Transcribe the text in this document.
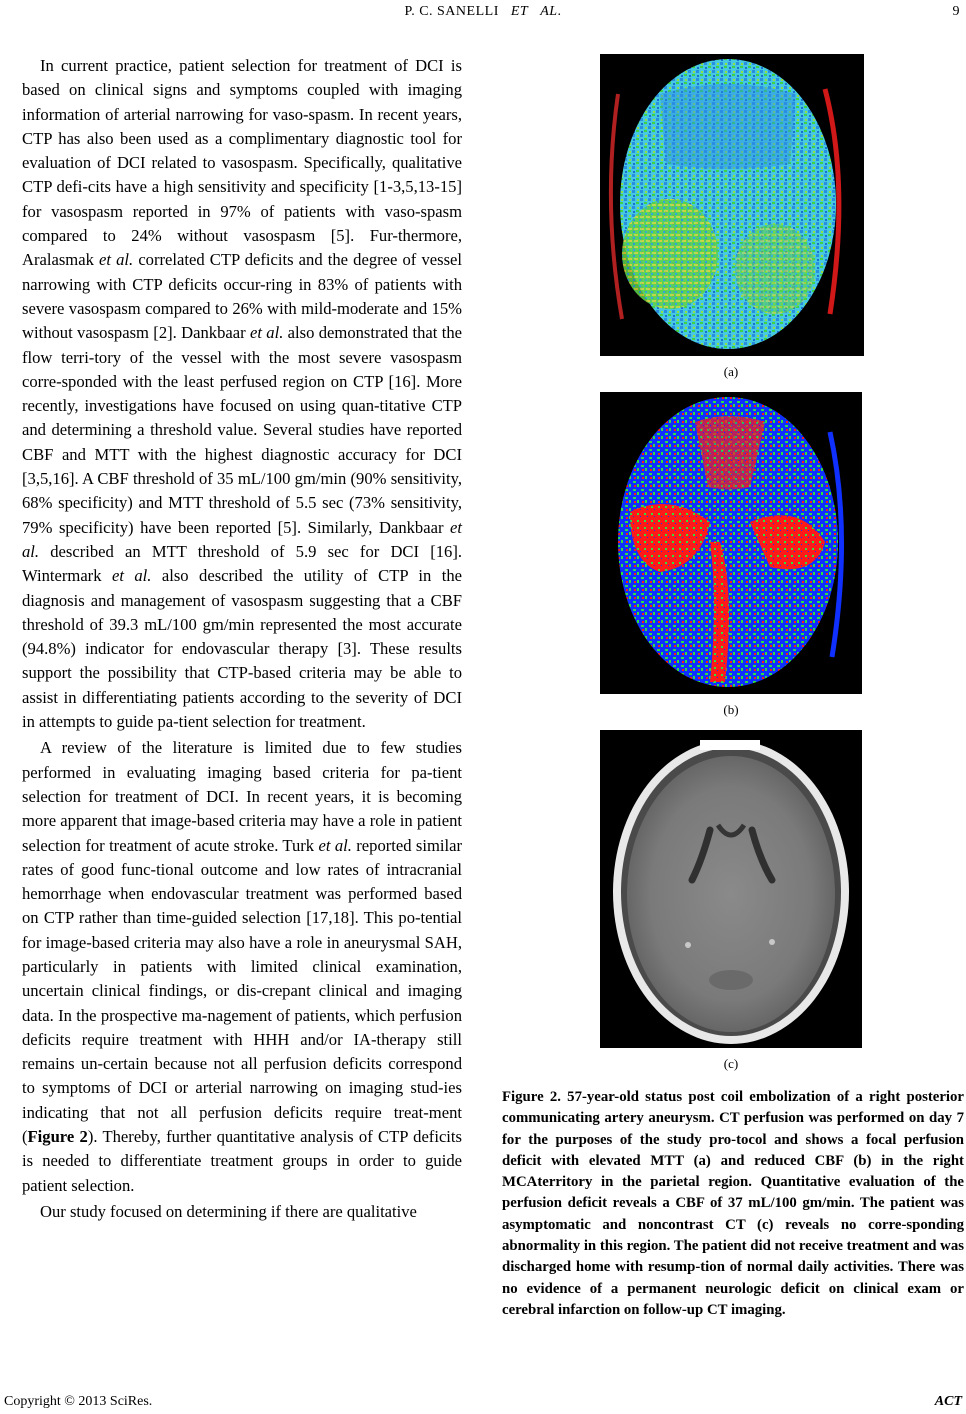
P. C. SANELLI   ET   AL.	9

In current practice, patient selection for treatment of DCI is based on clinical signs and symptoms coupled with imaging information of arterial narrowing for vaso-spasm. In recent years, CTP has also been used as a complimentary diagnostic tool for evaluation of DCI related to vasospasm. Specifically, qualitative CTP defi-cits have a high sensitivity and specificity [1-3,5,13-15] for vasospasm reported in 97% of patients with vaso-spasm compared to 24% without vasospasm [5]. Fur-thermore, Aralasmak et al. correlated CTP deficits and the degree of vessel narrowing with CTP deficits occur-ring in 83% of patients with severe vasospasm compared to 26% with mild-moderate and 15% without vasospasm [2]. Dankbaar et al. also demonstrated that the flow terri-tory of the vessel with the most severe vasospasm corre-sponded with the least perfused region on CTP [16]. More recently, investigations have focused on using quan-titative CTP and determining a threshold value. Several studies have reported CBF and MTT with the highest diagnostic accuracy for DCI [3,5,16]. A CBF threshold of 35 mL/100 gm/min (90% sensitivity, 68% specificity) and MTT threshold of 5.5 sec (73% sensitivity, 79% specificity) have been reported [5]. Similarly, Dankbaar et al. described an MTT threshold of 5.9 sec for DCI [16]. Wintermark et al. also described the utility of CTP in the diagnosis and management of vasospasm suggesting that a CBF threshold of 39.3 mL/100 gm/min represented the most accurate (94.8%) indicator for endovascular therapy [3]. These results support the possibility that CTP-based criteria may be able to assist in differentiating patients according to the severity of DCI in attempts to guide pa-tient selection for treatment.

A review of the literature is limited due to few studies performed in evaluating imaging based criteria for pa-tient selection for treatment of DCI. In recent years, it is becoming more apparent that image-based criteria may have a role in patient selection for treatment of acute stroke. Turk et al. reported similar rates of good func-tional outcome and low rates of intracranial hemorrhage when endovascular treatment was performed based on CTP rather than time-guided selection [17,18]. This po-tential for image-based criteria may also have a role in aneurysmal SAH, particularly in patients with limited clinical examination, uncertain clinical findings, or dis-crepant clinical and imaging data. In the prospective ma-nagement of patients, which perfusion deficits require treatment with HHH and/or IA-therapy still remains un-certain because not all perfusion deficits correspond to symptoms of DCI or arterial narrowing on imaging stud-ies indicating that not all perfusion deficits require treat-ment (Figure 2). Thereby, further quantitative analysis of CTP deficits is needed to differentiate treatment groups in order to guide patient selection.

Our study focused on determining if there are qualitative

(a)
(b)
(c)
Figure 2. 57-year-old status post coil embolization of a right posterior communicating artery aneurysm. CT perfusion was performed on day 7 for the purposes of the study pro-tocol and shows a focal perfusion deficit with elevated MTT (a) and reduced CBF (b) in the right MCAterritory in the parietal region. Quantitative evaluation of the perfusion deficit reveals a CBF of 37 mL/100 gm/min. The patient was asymptomatic and noncontrast CT (c) reveals no corre-sponding abnormality in this region. The patient did not receive treatment and was discharged home with resump-tion of normal daily activities. There was no evidence of a permanent neurologic deficit on clinical exam or cerebral infarction on follow-up CT imaging.
Copyright © 2013 SciRes.	ACT
